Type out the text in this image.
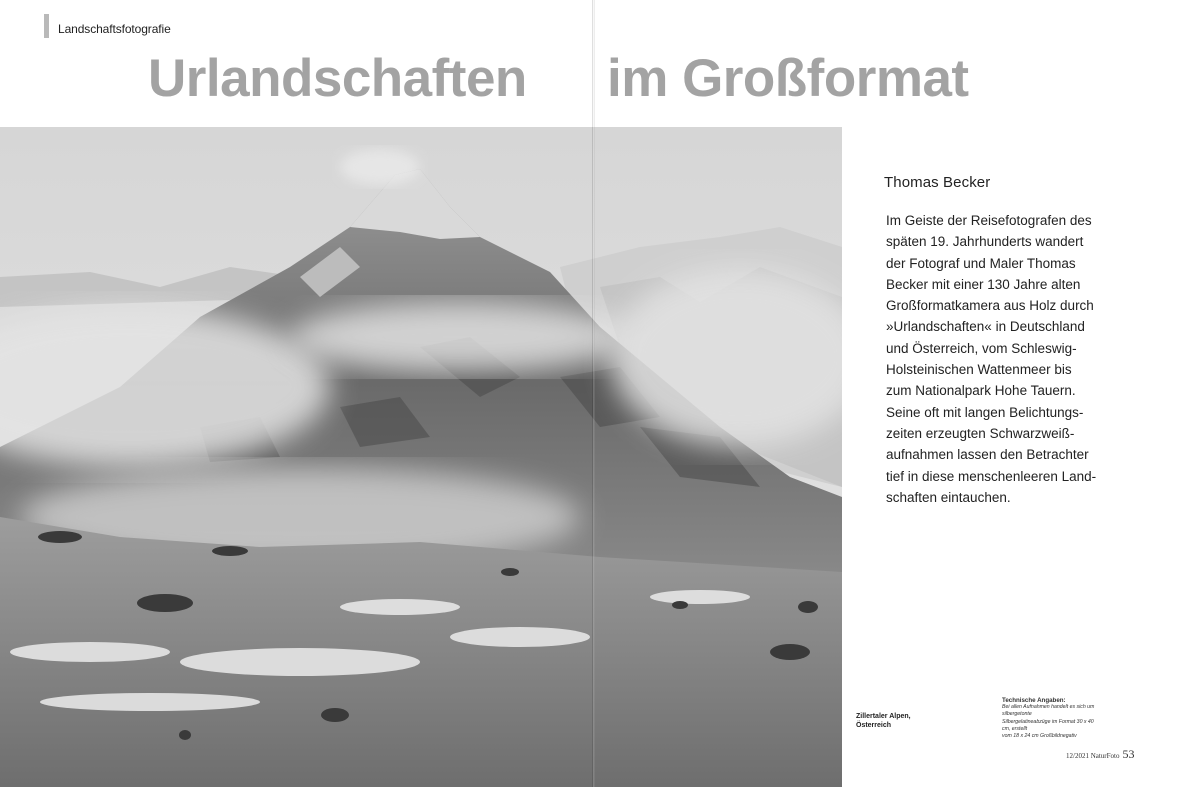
Landschaftsfotografie
Urlandschaften im Großformat
Thomas Becker
Im Geiste der Reisefotografen des
späten 19. Jahrhunderts wandert
der Fotograf und Maler Thomas
Becker mit einer 130 Jahre alten
Großformatkamera aus Holz durch
»Urlandschaften« in Deutschland
und Österreich, vom Schleswig-
Holsteinischen Wattenmeer bis
zum Nationalpark Hohe Tauern.
Seine oft mit langen Belichtungs-
zeiten erzeugten Schwarzweiß-
aufnahmen lassen den Betrachter
tief in diese menschenleeren Land-
schaften eintauchen.
Zillertaler Alpen,
Österreich
Technische Angaben:
Bei allen Aufnahmen handelt es sich um silbergetonte
Silbergelatineabzüge im Format 30 x 40 cm, erstellt
vom 18 x 24 cm Großbildnegativ
12/2021 NaturFoto 53
